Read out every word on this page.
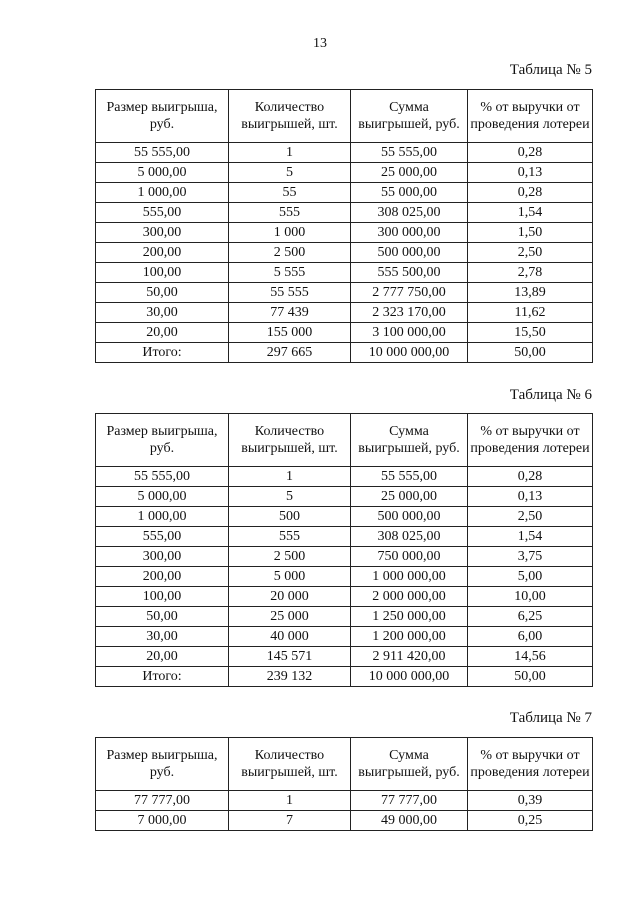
13
Таблица № 5
Размер выигрыша, руб.	Количество выигрышей, шт.	Сумма выигрышей, руб.	% от выручки от проведения лотереи
55 555,00	1	55 555,00	0,28
5 000,00	5	25 000,00	0,13
1 000,00	55	55 000,00	0,28
555,00	555	308 025,00	1,54
300,00	1 000	300 000,00	1,50
200,00	2 500	500 000,00	2,50
100,00	5 555	555 500,00	2,78
50,00	55 555	2 777 750,00	13,89
30,00	77 439	2 323 170,00	11,62
20,00	155 000	3 100 000,00	15,50
Итого:	297 665	10 000 000,00	50,00
Таблица № 6
Размер выигрыша, руб.	Количество выигрышей, шт.	Сумма выигрышей, руб.	% от выручки от проведения лотереи
55 555,00	1	55 555,00	0,28
5 000,00	5	25 000,00	0,13
1 000,00	500	500 000,00	2,50
555,00	555	308 025,00	1,54
300,00	2 500	750 000,00	3,75
200,00	5 000	1 000 000,00	5,00
100,00	20 000	2 000 000,00	10,00
50,00	25 000	1 250 000,00	6,25
30,00	40 000	1 200 000,00	6,00
20,00	145 571	2 911 420,00	14,56
Итого:	239 132	10 000 000,00	50,00
Таблица № 7
Размер выигрыша, руб.	Количество выигрышей, шт.	Сумма выигрышей, руб.	% от выручки от проведения лотереи
77 777,00	1	77 777,00	0,39
7 000,00	7	49 000,00	0,25
